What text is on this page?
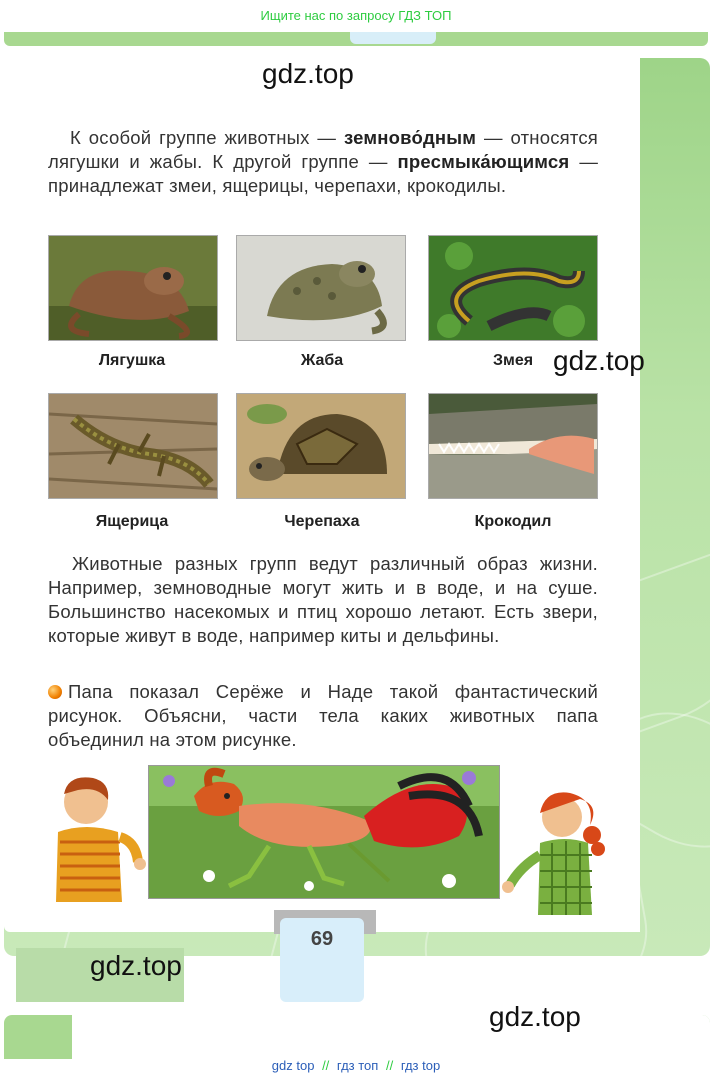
Ищите нас по запросу ГДЗ ТОП
gdz.top
gdz.top
К особой группе животных — земново́дным — относятся лягушки и жабы. К другой группе — пресмыка́ющимся — принадлежат змеи, ящерицы, черепахи, крокодилы.
Лягушка	Жаба	Змея
Ящерица	Черепаха	Крокодил
Животные разных групп ведут различный образ жизни. Например, земноводные могут жить и в воде, и на суше. Большинство насекомых и птиц хорошо летают. Есть звери, которые живут в воде, например киты и дельфины.
Папа показал Серёже и Наде такой фантастический рисунок. Объясни, части тела каких животных папа объединил на этом рисунке.
69
gdz.top
gdz.top
gdz top // гдз топ // гдз top
